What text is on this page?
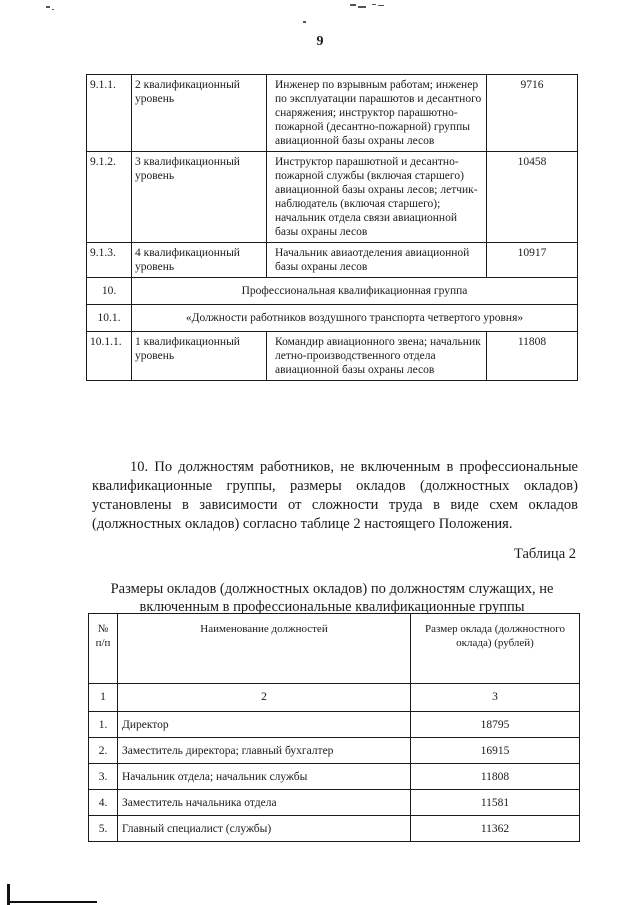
9
9.1.1.	2 квалификационный уровень	Инженер по взрывным работам; инженер по эксплуатации парашютов и десантного снаряжения; инструктор парашютно-пожарной (десантно-пожарной) группы авиационной базы охраны лесов	9716
9.1.2.	3 квалификационный уровень	Инструктор парашютной и десантно-пожарной службы (включая старшего) авиационной базы охраны лесов; летчик-наблюдатель (включая старшего); начальник отдела связи авиационной базы охраны лесов	10458
9.1.3.	4 квалификационный уровень	Начальник авиаотделения авиационной базы охраны лесов	10917
10.	Профессиональная квалификационная группа		
10.1.	«Должности работников воздушного транспорта четвертого уровня»		
10.1.1.	1 квалификационный уровень	Командир авиационного звена; начальник летно-производственного отдела авиационной базы охраны лесов	11808

10. По должностям работников, не включенным в профессиональные квалификационные группы, размеры окладов (должностных окладов) установлены в зависимости от сложности труда в виде схем окладов (должностных окладов) согласно таблице 2 настоящего Положения.

Таблица 2
Размеры окладов (должностных окладов) по должностям служащих, не включенным в профессиональные квалификационные группы
№ п/п	Наименование должностей	Размер оклада (должностного оклада) (рублей)
1	2	3
1.	Директор	18795
2.	Заместитель директора; главный бухгалтер	16915
3.	Начальник отдела; начальник службы	11808
4.	Заместитель начальника отдела	11581
5.	Главный специалист (службы)	11362
